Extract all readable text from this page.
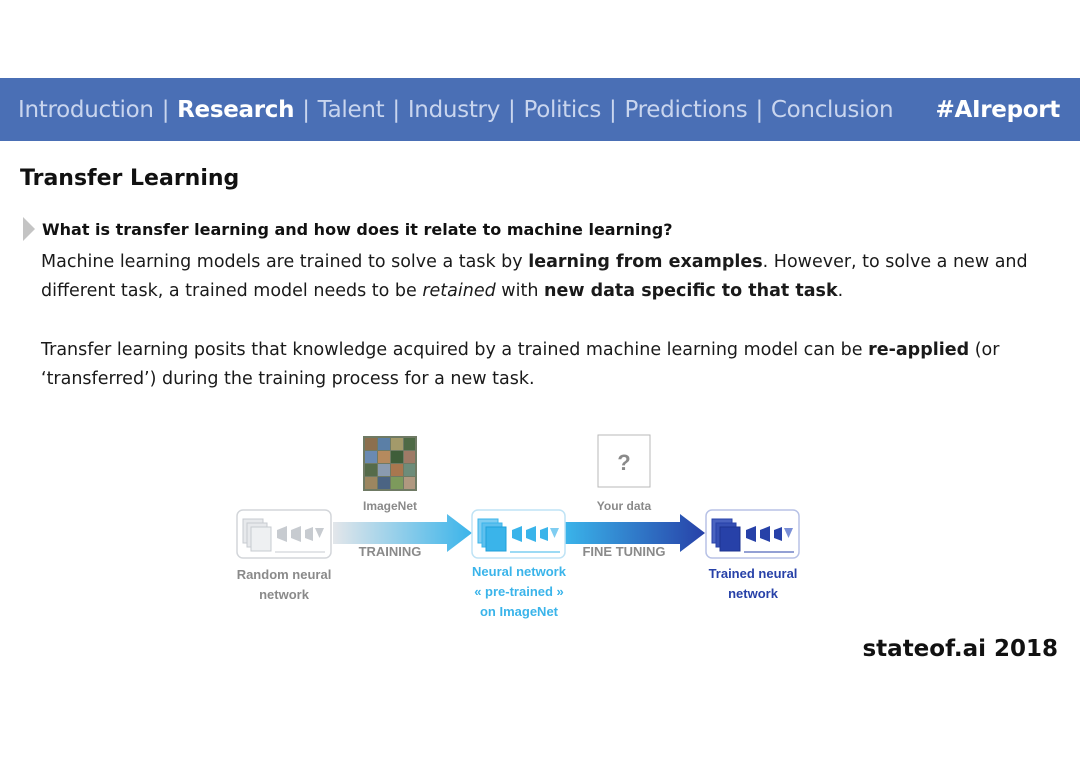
Introduction | Research | Talent | Industry | Politics | Predictions | Conclusion #AIreport
Transfer Learning
What is transfer learning and how does it relate to machine learning?

Machine learning models are trained to solve a task by learning from examples. However, to solve a new and different task, a trained model needs to be retained with new data specific to that task.

Transfer learning posits that knowledge acquired by a trained machine learning model can be re-applied (or ‘transferred’) during the training process for a new task.

ImageNet
?
Your data
TRAINING	FINE TUNING
Random neural
network
Neural network
« pre-trained »
on ImageNet
Trained neural
network
stateof.ai 2018
